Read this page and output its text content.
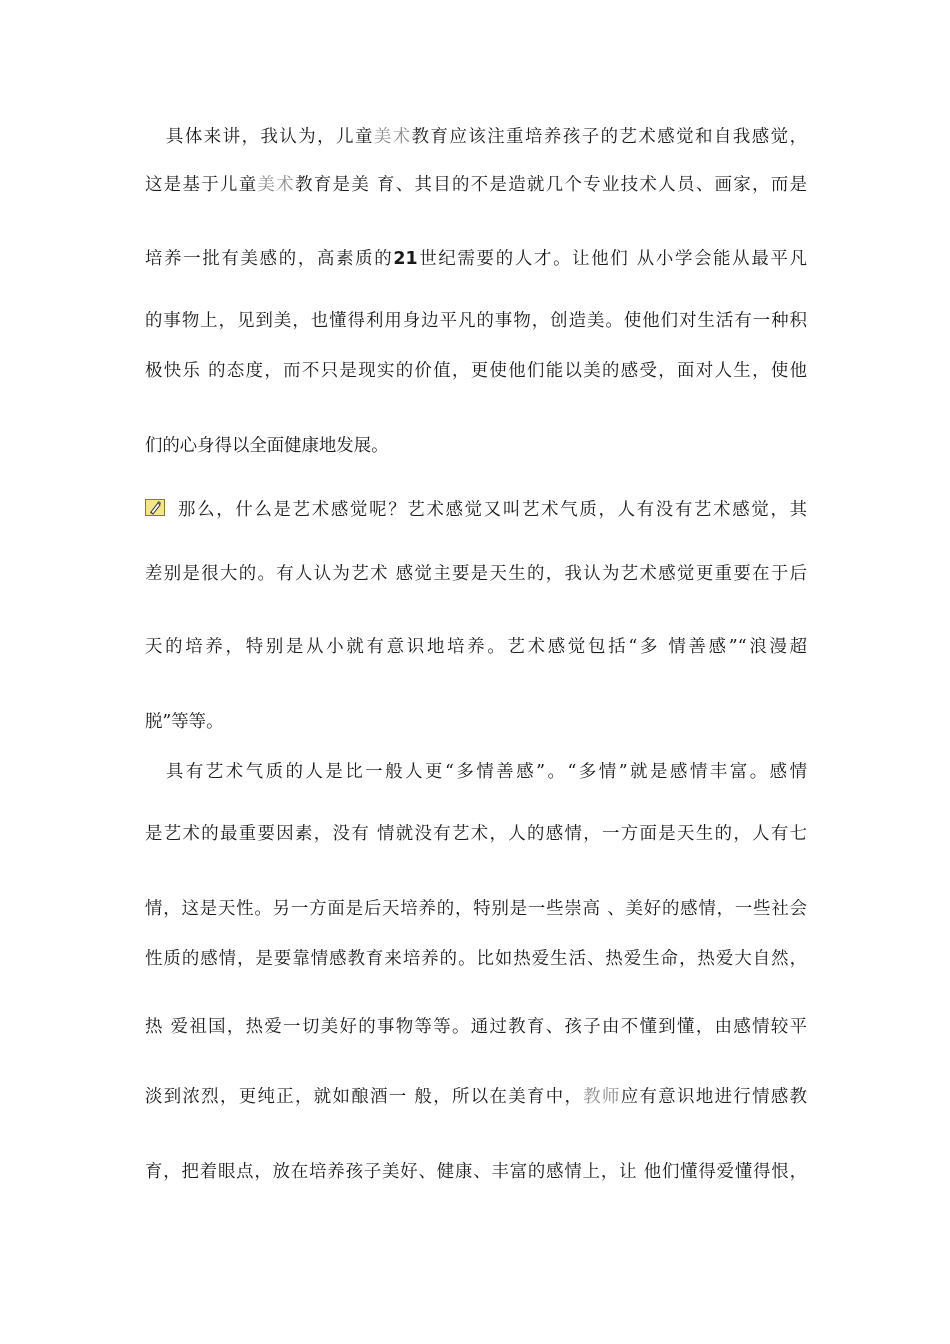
具体来讲，我认为，儿童美术教育应该注重培养孩子的艺术感觉和自我感觉，
这是基于儿童美术教育是美 育、其目的不是造就几个专业技术人员、画家，而是
培养一批有美感的，高素质的21世纪需要的人才。让他们 从小学会能从最平凡
的事物上，见到美，也懂得利用身边平凡的事物，创造美。使他们对生活有一种积
极快乐 的态度，而不只是现实的价值，更使他们能以美的感受，面对人生，使他
们的心身得以全面健康地发展。
那么，什么是艺术感觉呢？艺术感觉又叫艺术气质，人有没有艺术感觉，其
差别是很大的。有人认为艺术 感觉主要是天生的，我认为艺术感觉更重要在于后
天的培养，特别是从小就有意识地培养。艺术感觉包括“多 情善感”“浪漫超
脱”等等。
具有艺术气质的人是比一般人更“多情善感”。“多情”就是感情丰富。感情
是艺术的最重要因素，没有 情就没有艺术，人的感情，一方面是天生的，人有七
情，这是天性。另一方面是后天培养的，特别是一些崇高 、美好的感情，一些社会
性质的感情，是要靠情感教育来培养的。比如热爱生活、热爱生命，热爱大自然，
热 爱祖国，热爱一切美好的事物等等。通过教育、孩子由不懂到懂，由感情较平
淡到浓烈，更纯正，就如酿酒一 般，所以在美育中，教师应有意识地进行情感教
育，把着眼点，放在培养孩子美好、健康、丰富的感情上，让 他们懂得爱懂得恨，
